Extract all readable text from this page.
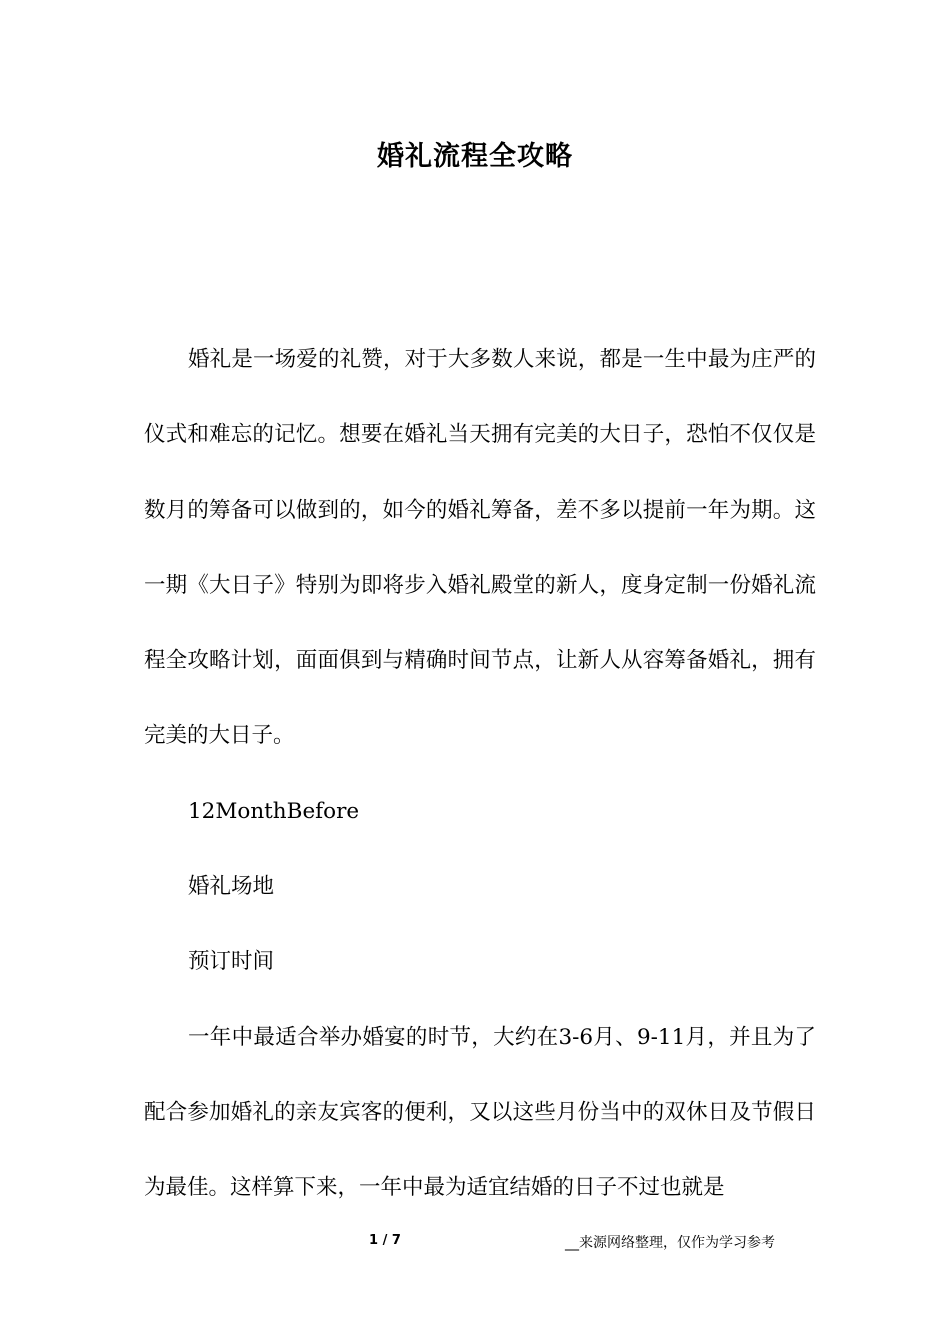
婚礼流程全攻略

婚礼是一场爱的礼赞，对于大多数人来说，都是一生中最为庄严的仪式和难忘的记忆。想要在婚礼当天拥有完美的大日子，恐怕不仅仅是数月的筹备可以做到的，如今的婚礼筹备，差不多以提前一年为期。这一期《大日子》特别为即将步入婚礼殿堂的新人，度身定制一份婚礼流程全攻略计划，面面俱到与精确时间节点，让新人从容筹备婚礼，拥有完美的大日子。

12MonthBefore

婚礼场地

预订时间

一年中最适合举办婚宴的时节，大约在3-6月、9-11月，并且为了配合参加婚礼的亲友宾客的便利，又以这些月份当中的双休日及节假日为最佳。这样算下来，一年中最为适宜结婚的日子不过也就是

1 / 7	__来源网络整理，仅作为学习参考
